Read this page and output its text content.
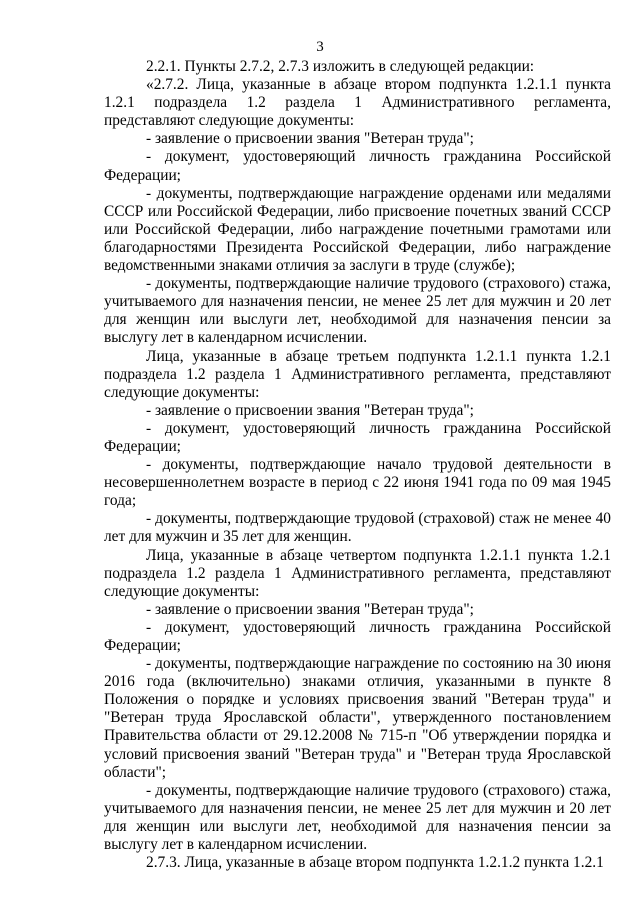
3

2.2.1. Пункты 2.7.2, 2.7.3 изложить в следующей редакции:

«2.7.2. Лица, указанные в абзаце втором подпункта 1.2.1.1 пункта 1.2.1 подраздела 1.2 раздела 1 Административного регламента, представляют следующие документы:

- заявление о присвоении звания "Ветеран труда";

- документ, удостоверяющий личность гражданина Российской Федерации;

- документы, подтверждающие награждение орденами или медалями СССР или Российской Федерации, либо присвоение почетных званий СССР или Российской Федерации, либо награждение почетными грамотами или благодарностями Президента Российской Федерации, либо награждение ведомственными знаками отличия за заслуги в труде (службе);

- документы, подтверждающие наличие трудового (страхового) стажа, учитываемого для назначения пенсии, не менее 25 лет для мужчин и 20 лет для женщин или выслуги лет, необходимой для назначения пенсии за выслугу лет в календарном исчислении.

Лица, указанные в абзаце третьем подпункта 1.2.1.1 пункта 1.2.1 подраздела 1.2 раздела 1 Административного регламента, представляют следующие документы:

- заявление о присвоении звания "Ветеран труда";

- документ, удостоверяющий личность гражданина Российской Федерации;

- документы, подтверждающие начало трудовой деятельности в несовершеннолетнем возрасте в период с 22 июня 1941 года по 09 мая 1945 года;

- документы, подтверждающие трудовой (страховой) стаж не менее 40 лет для мужчин и 35 лет для женщин.

Лица, указанные в абзаце четвертом подпункта 1.2.1.1 пункта 1.2.1 подраздела 1.2 раздела 1 Административного регламента, представляют следующие документы:

- заявление о присвоении звания "Ветеран труда";

- документ, удостоверяющий личность гражданина Российской Федерации;

- документы, подтверждающие награждение по состоянию на 30 июня 2016 года (включительно) знаками отличия, указанными в пункте 8 Положения о порядке и условиях присвоения званий "Ветеран труда" и "Ветеран труда Ярославской области", утвержденного постановлением Правительства области от 29.12.2008 № 715-п "Об утверждении порядка и условий присвоения званий "Ветеран труда" и "Ветеран труда Ярославской области";

- документы, подтверждающие наличие трудового (страхового) стажа, учитываемого для назначения пенсии, не менее 25 лет для мужчин и 20 лет для женщин или выслуги лет, необходимой для назначения пенсии за выслугу лет в календарном исчислении.

2.7.3. Лица, указанные в абзаце втором подпункта 1.2.1.2 пункта 1.2.1
